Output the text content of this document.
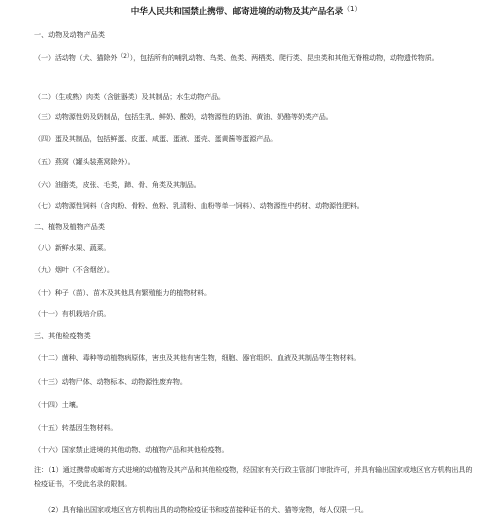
中华人民共和国禁止携带、邮寄进境的动物及其产品名录$^{(1)}$
一、动物及动物产品类
（一）活动物（犬、猫除外$^{(2)}$），包括所有的哺乳动物、鸟类、鱼类、两栖类、爬行类、昆虫类和其他无脊椎动物，动物遗传物质。
（二）（生或熟）肉类（含脏器类）及其制品；水生动物产品。
（三）动物源性奶及奶制品，包括生乳、鲜奶、酸奶，动物源性的奶油、黄油、奶酪等奶类产品。
（四）蛋及其制品，包括鲜蛋、皮蛋、咸蛋、蛋液、蛋壳、蛋黄酱等蛋源产品。
（五）燕窝（罐头装燕窝除外）。
（六）油脂类，皮张、毛类，蹄、骨、角类及其制品。
（七）动物源性饲料（含肉粉、骨粉、鱼粉、乳清粉、血粉等单一饲料）、动物源性中药材、动物源性肥料。
二、植物及植物产品类
（八）新鲜水果、蔬菜。
（九）烟叶（不含烟丝）。
（十）种子（苗）、苗木及其他具有繁殖能力的植物材料。
（十一）有机栽培介质。
三、其他检疫物类
（十二）菌种、毒种等动植物病原体，害虫及其他有害生物，细胞、器官组织、血液及其制品等生物材料。
（十三）动物尸体、动物标本、动物源性废弃物。
（十四）土壤。
（十五）转基因生物材料。
（十六）国家禁止进境的其他动物、动植物产品和其他检疫物。
注：（1）通过携带或邮寄方式进境的动植物及其产品和其他检疫物，经国家有关行政主管部门审批许可，并具有输出国家或地区官方机构出具的检疫证书，不受此名录的限制。
（2）具有输出国家或地区官方机构出具的动物检疫证书和疫苗接种证书的犬、猫等宠物，每人仅限一只。
